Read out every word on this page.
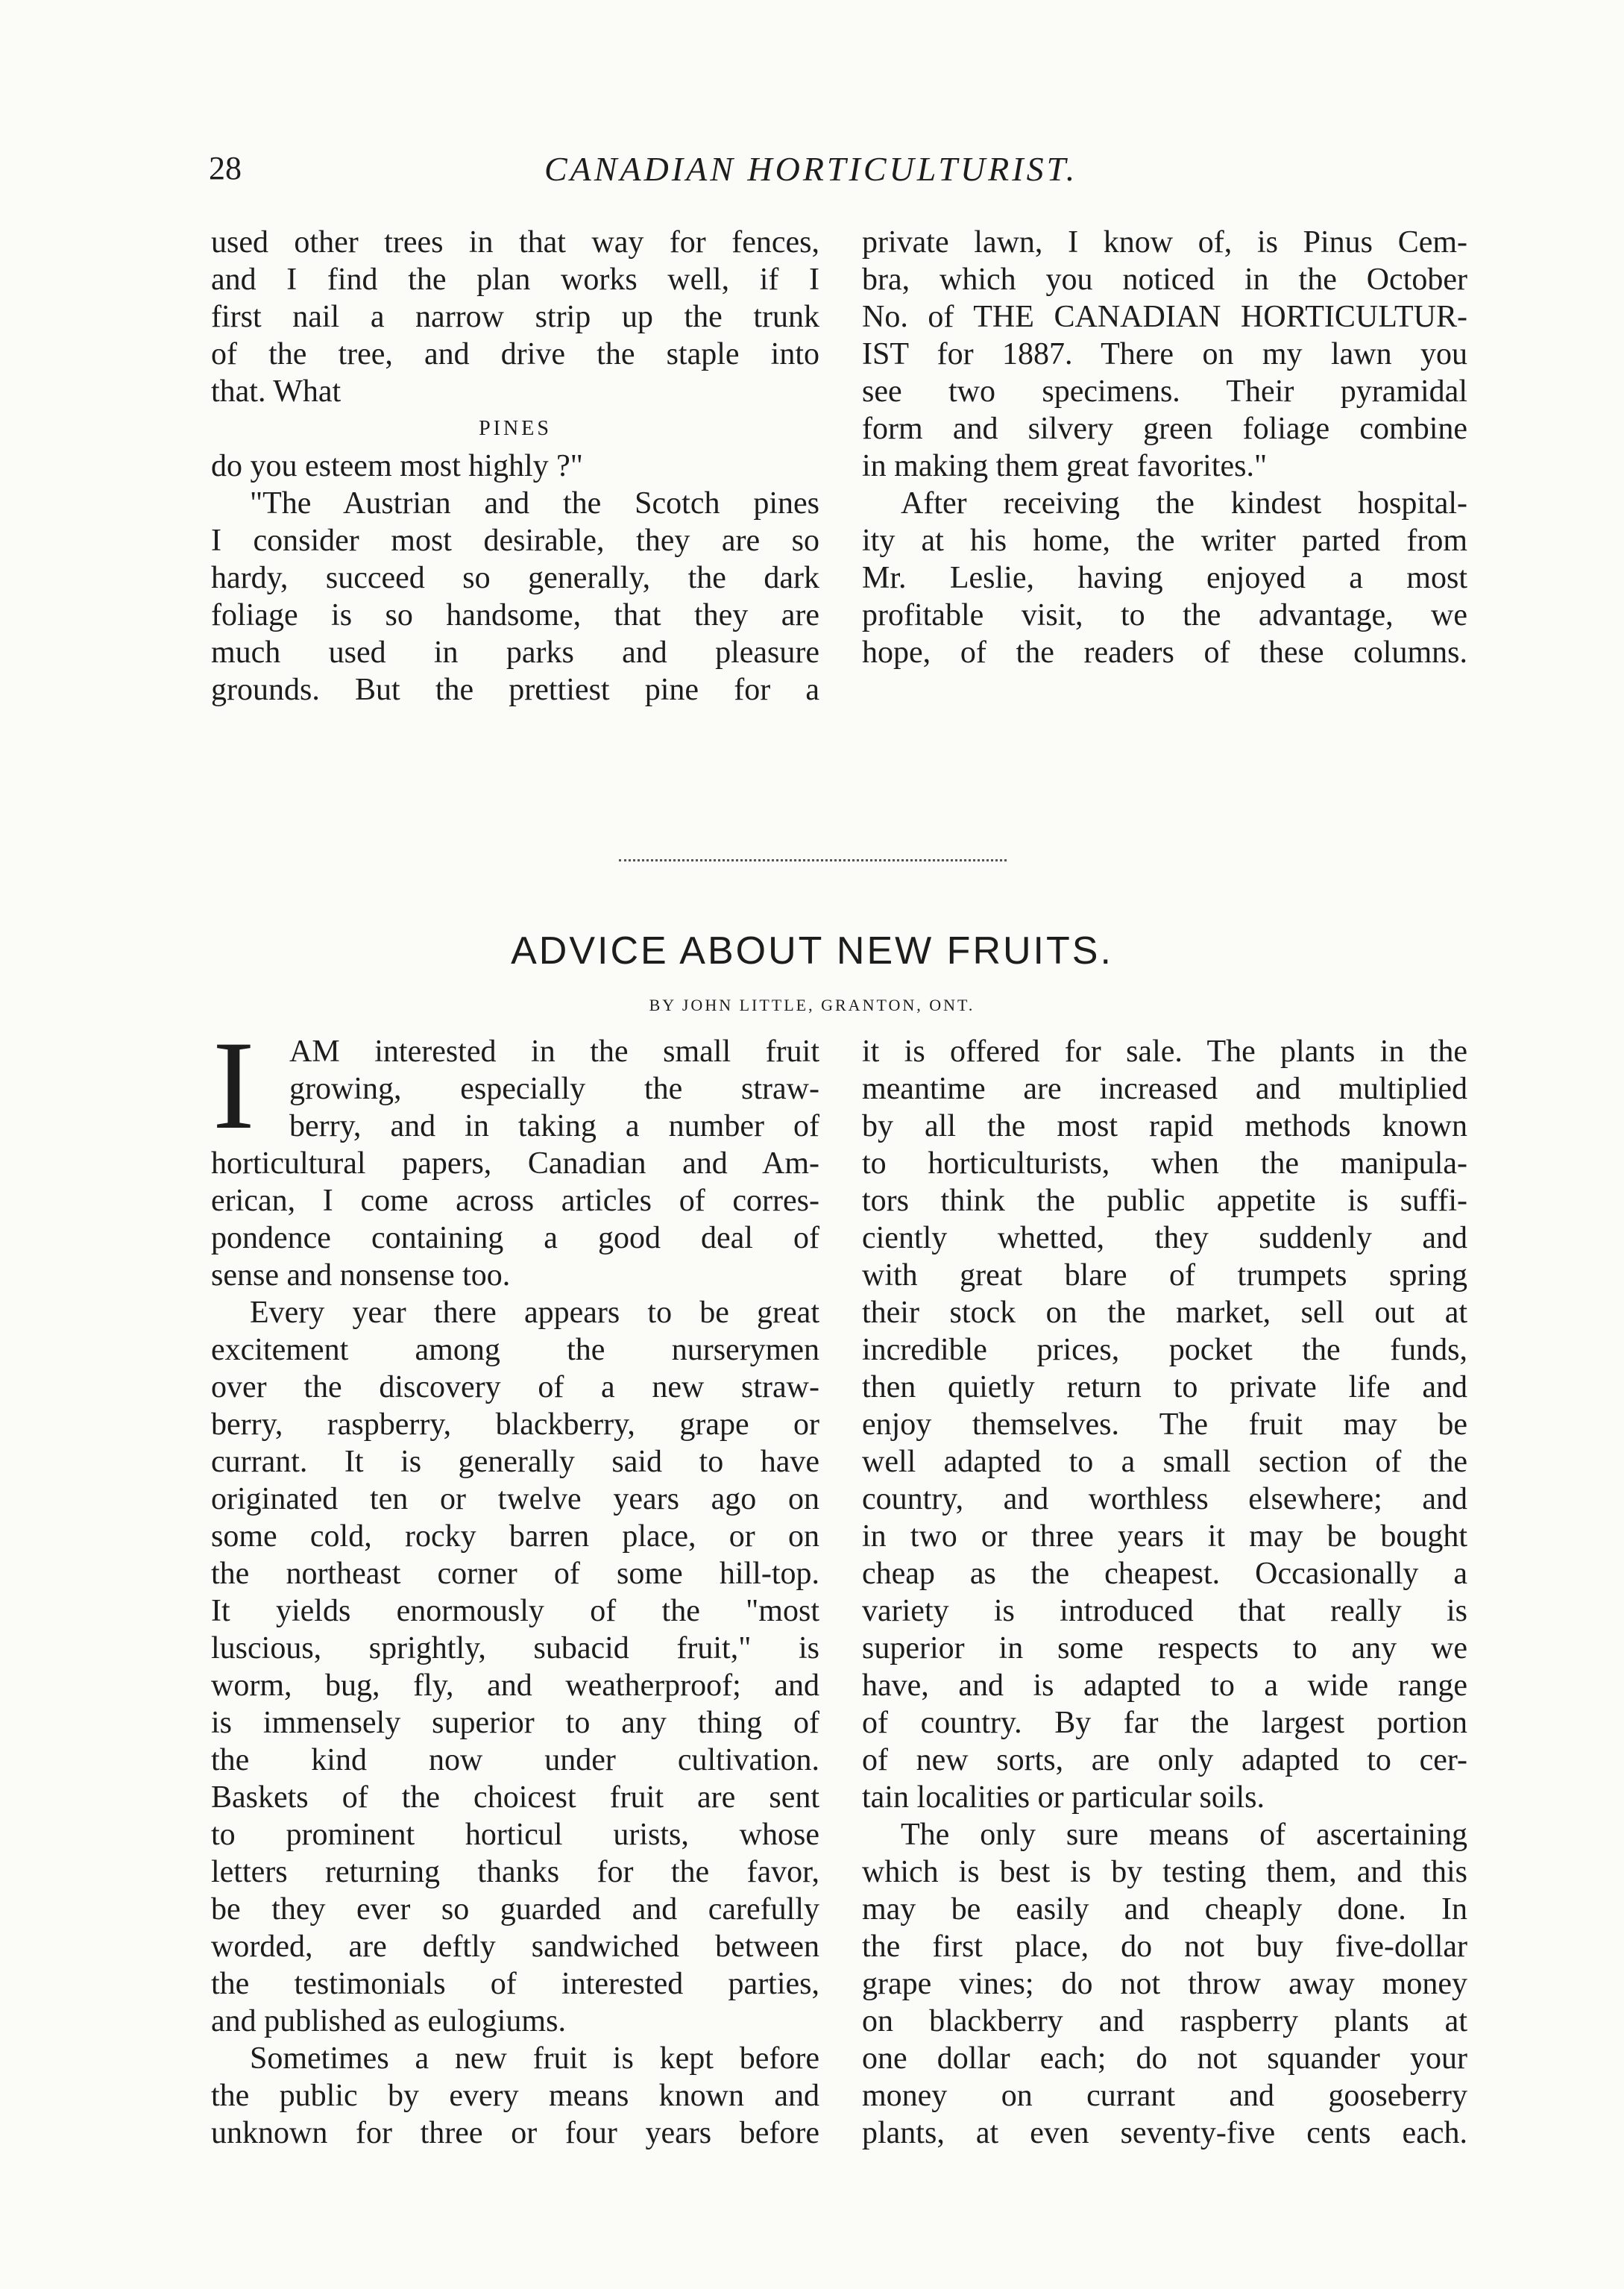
28	CANADIAN HORTICULTURIST.
used other trees in that way for fences,
and I find the plan works well, if I
first nail a narrow strip up the trunk
of the tree, and drive the staple into
that. What
PINES
do you esteem most highly ?"
"The Austrian and the Scotch pines
I consider most desirable, they are so
hardy, succeed so generally, the dark
foliage is so handsome, that they are
much used in parks and pleasure
grounds. But the prettiest pine for a
private lawn, I know of, is Pinus Cem-
bra, which you noticed in the October
No. of THE CANADIAN HORTICULTUR-
IST for 1887. There on my lawn you
see two specimens. Their pyramidal
form and silvery green foliage combine
in making them great favorites."
After receiving the kindest hospital-
ity at his home, the writer parted from
Mr. Leslie, having enjoyed a most
profitable visit, to the advantage, we
hope, of the readers of these columns.
ADVICE ABOUT NEW FRUITS.
BY JOHN LITTLE, GRANTON, ONT.
I	AM interested in the small fruit
growing, especially the straw-
berry, and in taking a number of
horticultural papers, Canadian and Am-
erican, I come across articles of corres-
pondence containing a good deal of
sense and nonsense too.
Every year there appears to be great
excitement among the nurserymen
over the discovery of a new straw-
berry, raspberry, blackberry, grape or
currant. It is generally said to have
originated ten or twelve years ago on
some cold, rocky barren place, or on
the northeast corner of some hill-top.
It yields enormously of the "most
luscious, sprightly, subacid fruit," is
worm, bug, fly, and weatherproof; and
is immensely superior to any thing of
the kind now under cultivation.
Baskets of the choicest fruit are sent
to prominent horticul urists, whose
letters returning thanks for the favor,
be they ever so guarded and carefully
worded, are deftly sandwiched between
the testimonials of interested parties,
and published as eulogiums.
Sometimes a new fruit is kept before
the public by every means known and
unknown for three or four years before
it is offered for sale. The plants in the
meantime are increased and multiplied
by all the most rapid methods known
to horticulturists, when the manipula-
tors think the public appetite is suffi-
ciently whetted, they suddenly and
with great blare of trumpets spring
their stock on the market, sell out at
incredible prices, pocket the funds,
then quietly return to private life and
enjoy themselves. The fruit may be
well adapted to a small section of the
country, and worthless elsewhere; and
in two or three years it may be bought
cheap as the cheapest. Occasionally a
variety is introduced that really is
superior in some respects to any we
have, and is adapted to a wide range
of country. By far the largest portion
of new sorts, are only adapted to cer-
tain localities or particular soils.
The only sure means of ascertaining
which is best is by testing them, and this
may be easily and cheaply done. In
the first place, do not buy five-dollar
grape vines; do not throw away money
on blackberry and raspberry plants at
one dollar each; do not squander your
money on currant and gooseberry
plants, at even seventy-five cents each.
